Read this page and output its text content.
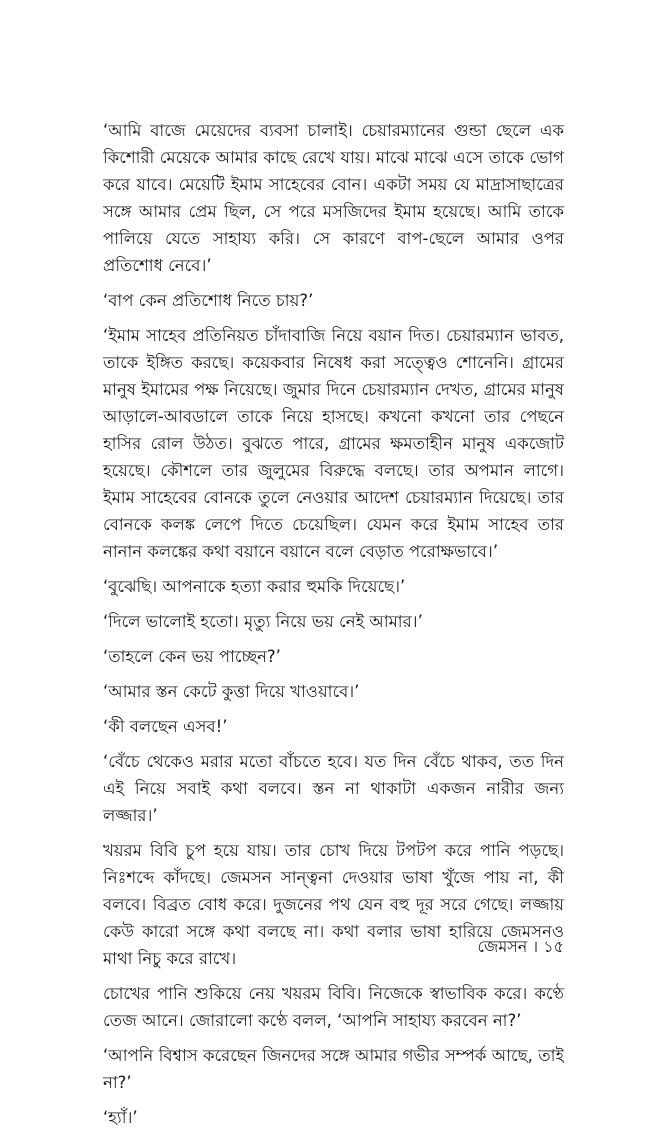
‘আমি বাজে মেয়েদের ব্যবসা চালাই। চেয়ারম্যানের গুন্ডা ছেলে এক কিশোরী মেয়েকে আমার কাছে রেখে যায়। মাঝে মাঝে এসে তাকে ভোগ করে যাবে। মেয়েটি ইমাম সাহেবের বোন। একটা সময় যে মাদ্রাসাছাত্রের সঙ্গে আমার প্রেম ছিল, সে পরে মসজিদের ইমাম হয়েছে। আমি তাকে পালিয়ে যেতে সাহায্য করি। সে কারণে বাপ-ছেলে আমার ওপর প্রতিশোধ নেবে।’

‘বাপ কেন প্রতিশোধ নিতে চায়?’

‘ইমাম সাহেব প্রতিনিয়ত চাঁদাবাজি নিয়ে বয়ান দিত। চেয়ারম্যান ভাবত, তাকে ইঙ্গিত করছে। কয়েকবার নিষেধ করা সত্ত্বেও শোনেনি। গ্রামের মানুষ ইমামের পক্ষ নিয়েছে। জুমার দিনে চেয়ারম্যান দেখত, গ্রামের মানুষ আড়ালে-আবডালে তাকে নিয়ে হাসছে। কখনো কখনো তার পেছনে হাসির রোল উঠত। বুঝতে পারে, গ্রামের ক্ষমতাহীন মানুষ একজোট হয়েছে। কৌশলে তার জুলুমের বিরুদ্ধে বলছে। তার অপমান লাগে। ইমাম সাহেবের বোনকে তুলে নেওয়ার আদেশ চেয়ারম্যান দিয়েছে। তার বোনকে কলঙ্ক লেপে দিতে চেয়েছিল। যেমন করে ইমাম সাহেব তার নানান কলঙ্কের কথা বয়ানে বয়ানে বলে বেড়াত পরোক্ষভাবে।’

‘বুঝেছি। আপনাকে হত্যা করার হুমকি দিয়েছে।’

‘দিলে ভালোই হতো। মৃত্যু নিয়ে ভয় নেই আমার।’

‘তাহলে কেন ভয় পাচ্ছেন?’

‘আমার স্তন কেটে কুত্তা দিয়ে খাওয়াবে।’

‘কী বলছেন এসব!’

‘বেঁচে থেকেও মরার মতো বাঁচতে হবে। যত দিন বেঁচে থাকব, তত দিন এই নিয়ে সবাই কথা বলবে। স্তন না থাকাটা একজন নারীর জন্য লজ্জার।’

খয়রম বিবি চুপ হয়ে যায়। তার চোখ দিয়ে টপটপ করে পানি পড়ছে। নিঃশব্দে কাঁদছে। জেমসন সান্ত্বনা দেওয়ার ভাষা খুঁজে পায় না, কী বলবে। বিব্রত বোধ করে। দুজনের পথ যেন বহু দূর সরে গেছে। লজ্জায় কেউ কারো সঙ্গে কথা বলছে না। কথা বলার ভাষা হারিয়ে জেমসনও মাথা নিচু করে রাখে।

চোখের পানি শুকিয়ে নেয় খয়রম বিবি। নিজেকে স্বাভাবিক করে। কণ্ঠে তেজ আনে। জোরালো কণ্ঠে বলল, ‘আপনি সাহায্য করবেন না?’

‘আপনি বিশ্বাস করেছেন জিনদের সঙ্গে আমার গভীর সম্পর্ক আছে, তাই না?’

‘হ্যাঁ।’

জেমসন । ১৫
